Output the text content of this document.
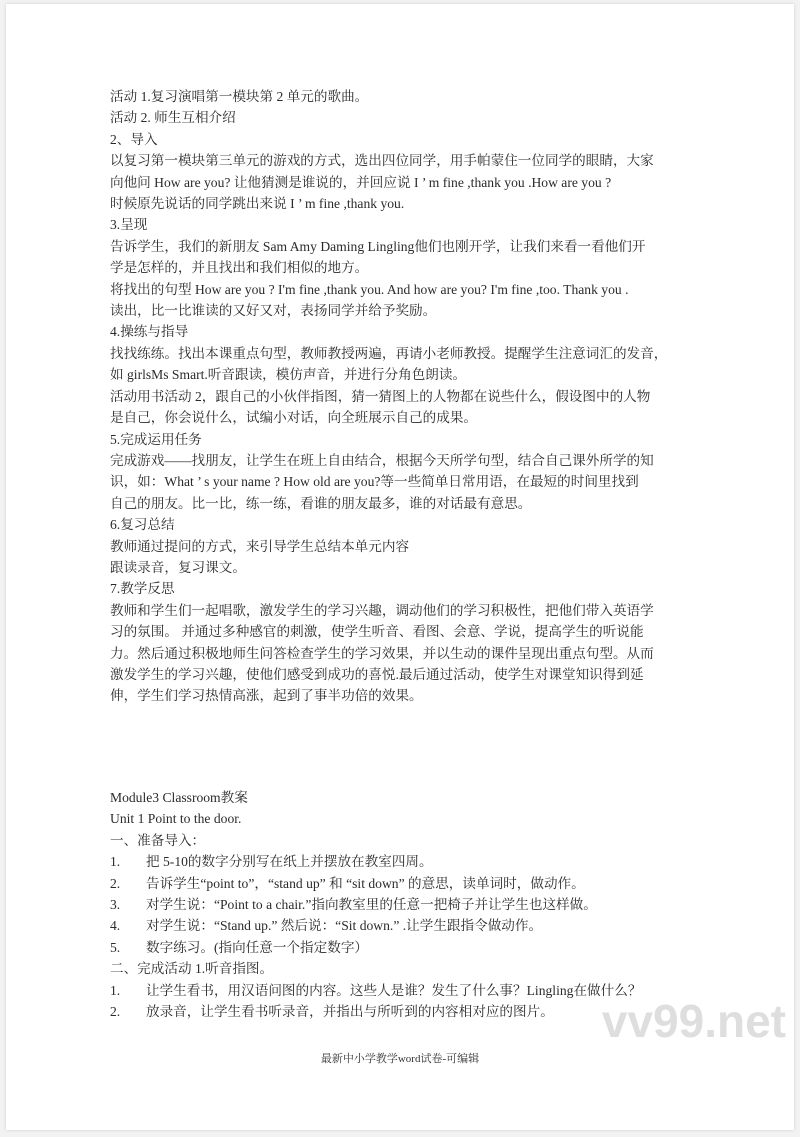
活动 1.复习演唱第一模块第 2 单元的歌曲。
活动 2. 师生互相介绍
2、导入
以复习第一模块第三单元的游戏的方式，选出四位同学，用手帕蒙住一位同学的眼睛，大家
向他问 How are you? 让他猜测是谁说的，并回应说 I ’ m fine ,thank you .How are you ?
时候原先说话的同学跳出来说 I ’ m fine ,thank you.
3.呈现
告诉学生，我们的新朋友 Sam Amy Daming Lingling他们也刚开学，让我们来看一看他们开
学是怎样的，并且找出和我们相似的地方。
将找出的句型 How are you ? I'm fine ,thank you. And how are you? I'm fine ,too. Thank you .
读出，比一比谁读的又好又对，表扬同学并给予奖励。
4.操练与指导
找找练练。找出本课重点句型，教师教授两遍，再请小老师教授。提醒学生注意词汇的发音，
如 girlsMs Smart.听音跟读，模仿声音，并进行分角色朗读。
活动用书活动 2，跟自己的小伙伴指图，猜一猜图上的人物都在说些什么，假设图中的人物
是自己，你会说什么，试编小对话，向全班展示自己的成果。
5.完成运用任务
完成游戏——找朋友，让学生在班上自由结合，根据今天所学句型，结合自己课外所学的知
识，如：What ’ s your name ? How old are you?等一些简单日常用语，在最短的时间里找到
自己的朋友。比一比，练一练，看谁的朋友最多，谁的对话最有意思。
6.复习总结
教师通过提问的方式，来引导学生总结本单元内容
跟读录音，复习课文。
7.教学反思
教师和学生们一起唱歌，激发学生的学习兴趣，调动他们的学习积极性，把他们带入英语学
习的氛围。 并通过多种感官的刺激，使学生听音、看图、会意、学说，提高学生的听说能
力。然后通过积极地师生问答检查学生的学习效果，并以生动的课件呈现出重点句型。从而
激发学生的学习兴趣，使他们感受到成功的喜悦.最后通过活动，使学生对课堂知识得到延
伸，学生们学习热情高涨，起到了事半功倍的效果。
Module3 Classroom教案
Unit 1 Point to the door.
一、准备导入：
1. 把 5-10的数字分别写在纸上并摆放在教室四周。
2. 告诉学生“point to”，“stand up” 和 “sit down” 的意思，读单词时，做动作。
3. 对学生说：“Point to a chair.”指向教室里的任意一把椅子并让学生也这样做。
4. 对学生说：“Stand up.” 然后说：“Sit down.” .让学生跟指令做动作。
5. 数字练习。(指向任意一个指定数字）
二、完成活动 1.听音指图。
1. 让学生看书，用汉语问图的内容。这些人是谁？发生了什么事？Lingling在做什么？
2. 放录音，让学生看书听录音，并指出与所听到的内容相对应的图片。
最新中小学教学word试卷-可编辑
vv99.net
